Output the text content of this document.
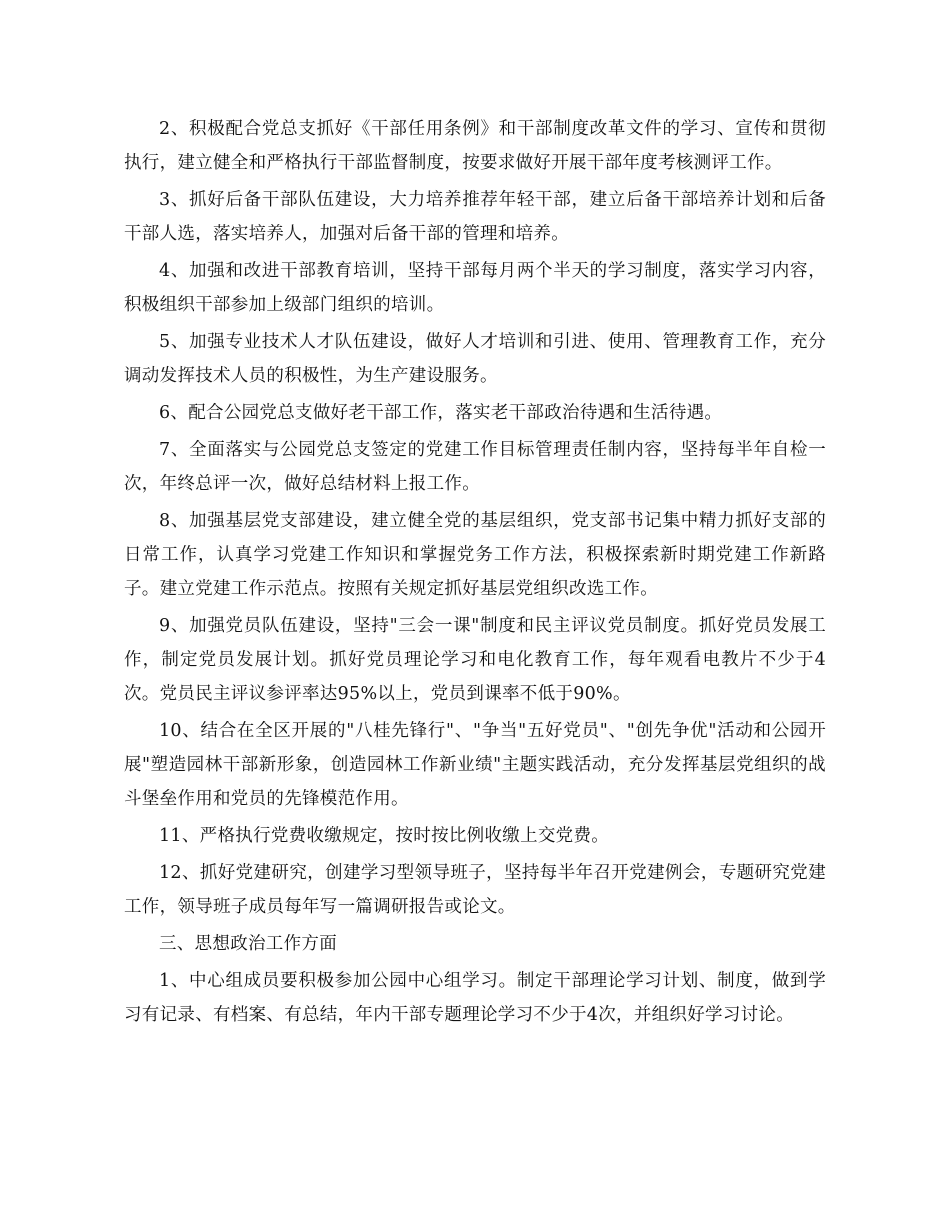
2、积极配合党总支抓好《干部任用条例》和干部制度改革文件的学习、宣传和贯彻执行，建立健全和严格执行干部监督制度，按要求做好开展干部年度考核测评工作。

3、抓好后备干部队伍建设，大力培养推荐年轻干部，建立后备干部培养计划和后备干部人选，落实培养人，加强对后备干部的管理和培养。

4、加强和改进干部教育培训，坚持干部每月两个半天的学习制度，落实学习内容，积极组织干部参加上级部门组织的培训。

5、加强专业技术人才队伍建设，做好人才培训和引进、使用、管理教育工作，充分调动发挥技术人员的积极性，为生产建设服务。

6、配合公园党总支做好老干部工作，落实老干部政治待遇和生活待遇。

7、全面落实与公园党总支签定的党建工作目标管理责任制内容，坚持每半年自检一次，年终总评一次，做好总结材料上报工作。

8、加强基层党支部建设，建立健全党的基层组织，党支部书记集中精力抓好支部的日常工作，认真学习党建工作知识和掌握党务工作方法，积极探索新时期党建工作新路子。建立党建工作示范点。按照有关规定抓好基层党组织改选工作。

9、加强党员队伍建设，坚持"三会一课"制度和民主评议党员制度。抓好党员发展工作，制定党员发展计划。抓好党员理论学习和电化教育工作，每年观看电教片不少于4次。党员民主评议参评率达95%以上，党员到课率不低于90%。

10、结合在全区开展的"八桂先锋行"、"争当"五好党员"、"创先争优"活动和公园开展"塑造园林干部新形象，创造园林工作新业绩"主题实践活动，充分发挥基层党组织的战斗堡垒作用和党员的先锋模范作用。

11、严格执行党费收缴规定，按时按比例收缴上交党费。

12、抓好党建研究，创建学习型领导班子，坚持每半年召开党建例会，专题研究党建工作，领导班子成员每年写一篇调研报告或论文。

三、思想政治工作方面

1、中心组成员要积极参加公园中心组学习。制定干部理论学习计划、制度，做到学习有记录、有档案、有总结，年内干部专题理论学习不少于4次，并组织好学习讨论。
